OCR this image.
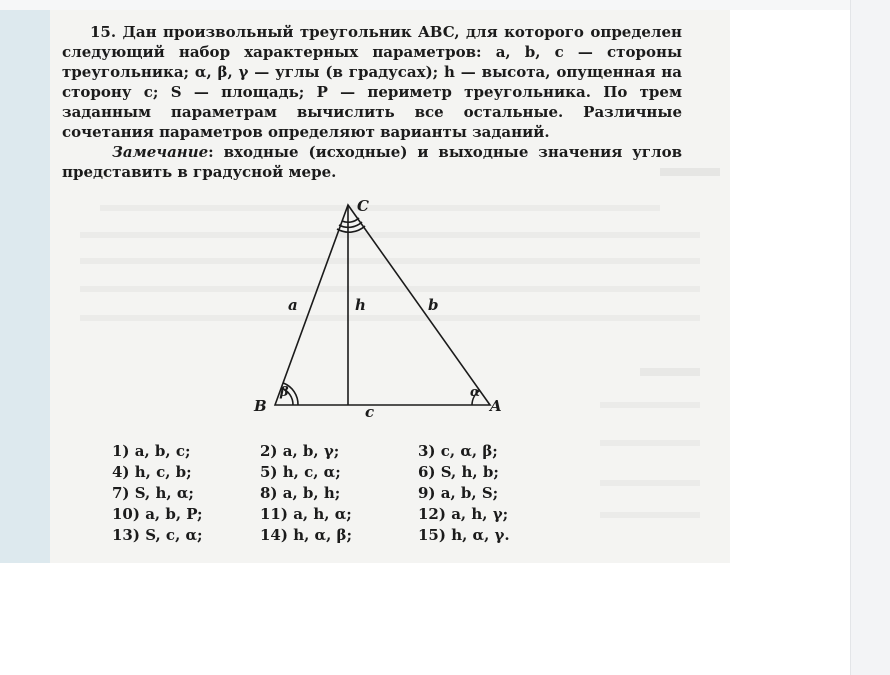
15. Дан произвольный треугольник ABC, для которого определен следующий набор характерных параметров: a, b, c — стороны треугольника; α, β, γ — углы (в градусах); h — высота, опущенная на сторону c; S — площадь; P — периметр треугольника. По трем заданным параметрам вычислить все остальные. Различные сочетания параметров определяют варианты заданий.

Замечание: входные (исходные) и выходные значения углов представить в градусной мере.

C
B	A
a	b
c
h
β	α
1) a, b, c;	2) a, b, γ;	3) c, α, β;
4) h, c, b;	5) h, c, α;	6) S, h, b;
7) S, h, α;	8) a, b, h;	9) a, b, S;
10) a, b, P;	11) a, h, α;	12) a, h, γ;
13) S, c, α;	14) h, α, β;	15) h, α, γ.
